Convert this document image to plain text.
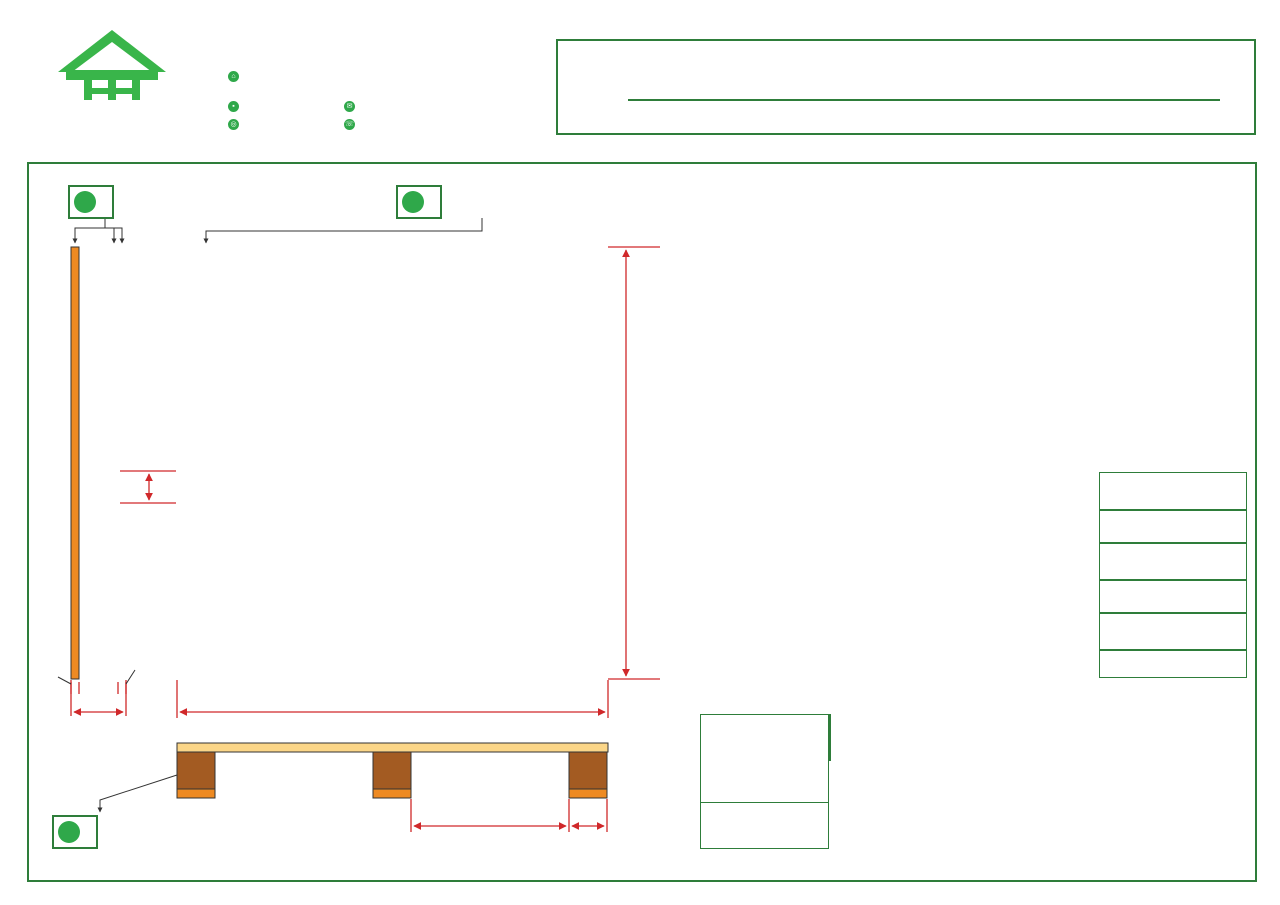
⌂
▪	✉
◎	☏
